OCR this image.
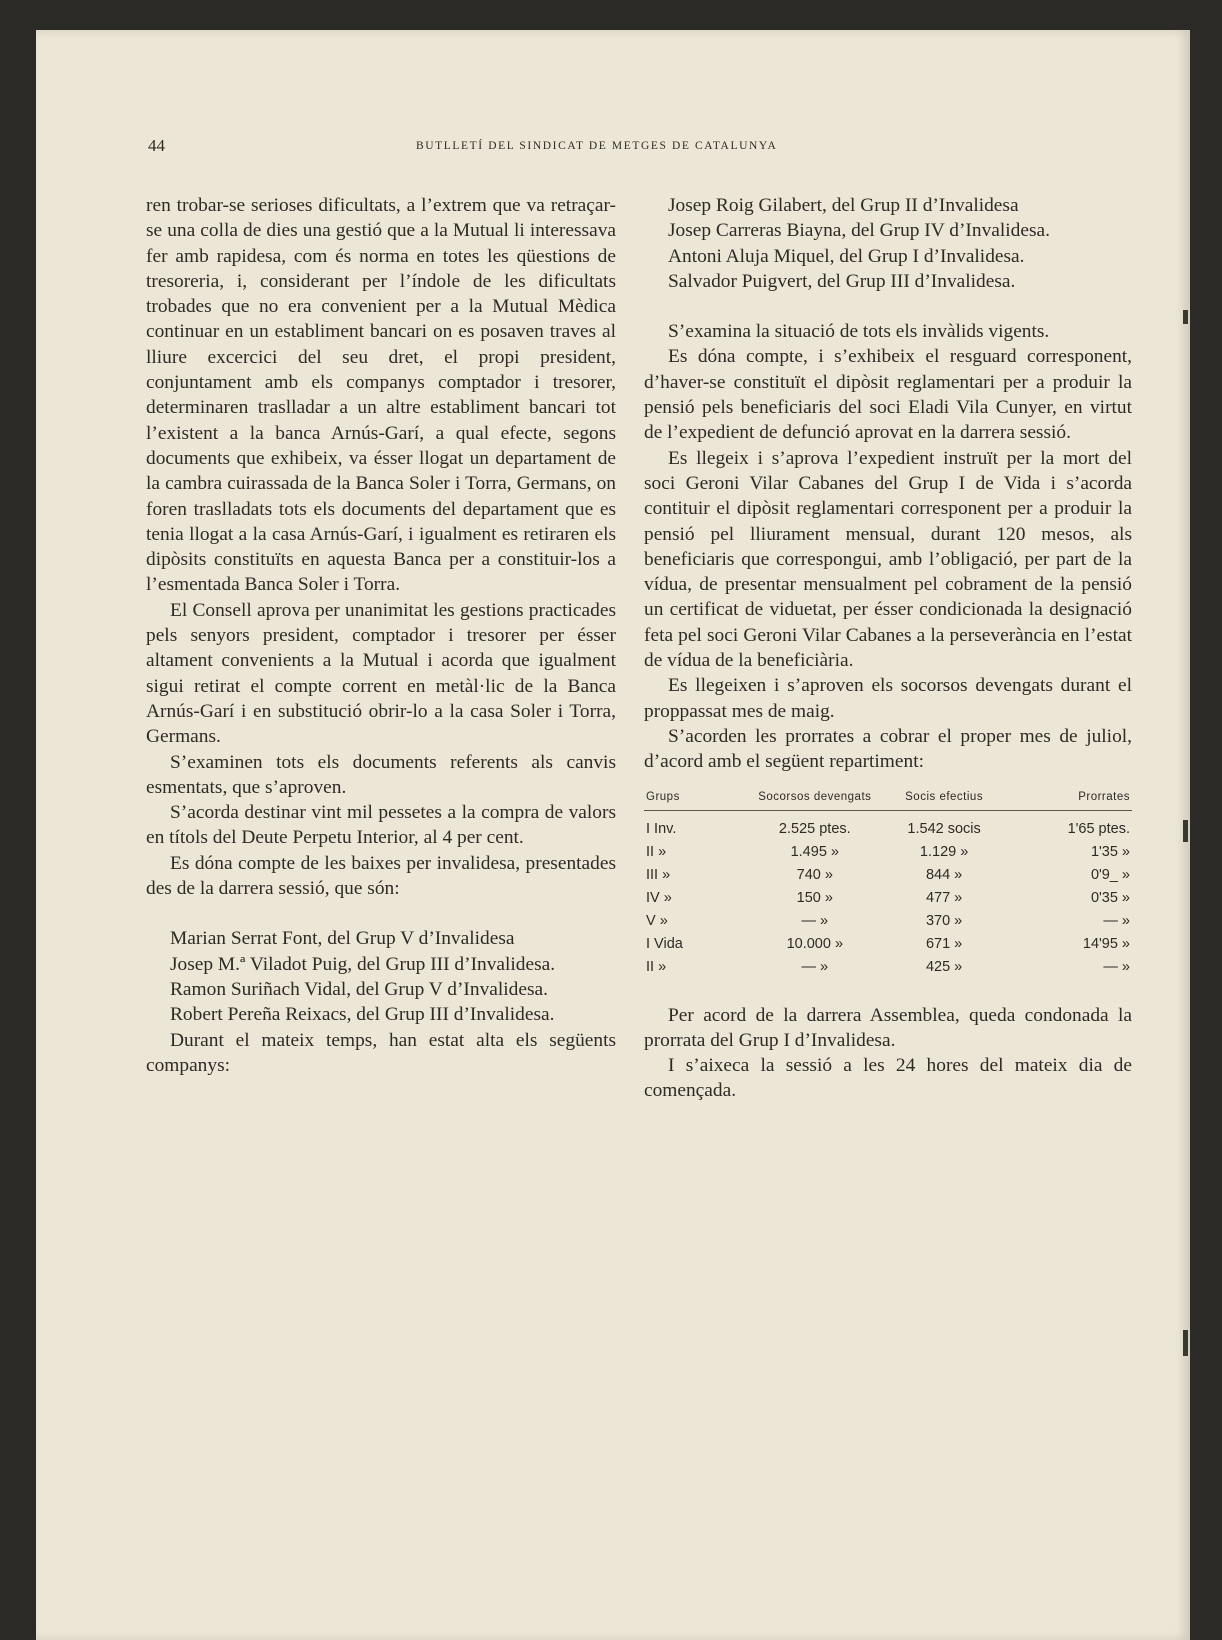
44	BUTLLETÍ DEL SINDICAT DE METGES DE CATALUNYA

ren trobar-se serioses dificultats, a l’extrem que va retraçar-se una colla de dies una gestió que a la Mutual li interessava fer amb rapidesa, com és norma en totes les qüestions de tresoreria, i, considerant per l’índole de les dificultats trobades que no era convenient per a la Mutual Mèdica continuar en un establiment bancari on es posaven traves al lliure excercici del seu dret, el propi president, conjuntament amb els companys comptador i tresorer, determinaren traslladar a un altre establiment bancari tot l’existent a la banca Arnús-Garí, a qual efecte, segons documents que exhibeix, va ésser llogat un departament de la cambra cuirassada de la Banca Soler i Torra, Germans, on foren traslladats tots els documents del departament que es tenia llogat a la casa Arnús-Garí, i igualment es retiraren els dipòsits constituïts en aquesta Banca per a constituir-los a l’esmentada Banca Soler i Torra.

El Consell aprova per unanimitat les gestions practicades pels senyors president, comptador i tresorer per ésser altament convenients a la Mutual i acorda que igualment sigui retirat el compte corrent en metàl·lic de la Banca Arnús-Garí i en substitució obrir-lo a la casa Soler i Torra, Germans.

S’examinen tots els documents referents als canvis esmentats, que s’aproven.

S’acorda destinar vint mil pessetes a la compra de valors en títols del Deute Perpetu Interior, al 4 per cent.

Es dóna compte de les baixes per invalidesa, presentades des de la darrera sessió, que són:

Marian Serrat Font, del Grup V d’Invalidesa

Josep M.ª Viladot Puig, del Grup III d’Invalidesa.

Ramon Suriñach Vidal, del Grup V d’Invalidesa.

Robert Pereña Reixacs, del Grup III d’Invalidesa.

Durant el mateix temps, han estat alta els següents companys:

Josep Roig Gilabert, del Grup II d’Invalidesa

Josep Carreras Biayna, del Grup IV d’Invalidesa.

Antoni Aluja Miquel, del Grup I d’Invalidesa.

Salvador Puigvert, del Grup III d’Invalidesa.

S’examina la situació de tots els invàlids vigents.

Es dóna compte, i s’exhibeix el resguard corresponent, d’haver-se constituït el dipòsit reglamentari per a produir la pensió pels beneficiaris del soci Eladi Vila Cunyer, en virtut de l’expedient de defunció aprovat en la darrera sessió.

Es llegeix i s’aprova l’expedient instruït per la mort del soci Geroni Vilar Cabanes del Grup I de Vida i s’acorda contituir el dipòsit reglamentari corresponent per a produir la pensió pel lliurament mensual, durant 120 mesos, als beneficiaris que correspongui, amb l’obligació, per part de la vídua, de presentar mensualment pel cobrament de la pensió un certificat de viduetat, per ésser condicionada la designació feta pel soci Geroni Vilar Cabanes a la perseverància en l’estat de vídua de la beneficiària.

Es llegeixen i s’aproven els socorsos devengats durant el proppassat mes de maig.

S’acorden les prorrates a cobrar el proper mes de juliol, d’acord amb el següent repartiment:

Grups	Socorsos devengats	Socis efectius	Prorrates
I Inv.	2.525 ptes.	1.542 socis	1'65 ptes.
II »	1.495 »	1.129 »	1'35 »
III »	740 »	844 »	0'9_ »
IV »	150 »	477 »	0'35 »
V »	— »	370 »	— »
I Vida	10.000 »	671 »	14'95 »
II »	— »	425 »	— »

Per acord de la darrera Assemblea, queda condonada la prorrata del Grup I d’Invalidesa.

I s’aixeca la sessió a les 24 hores del mateix dia de començada.
